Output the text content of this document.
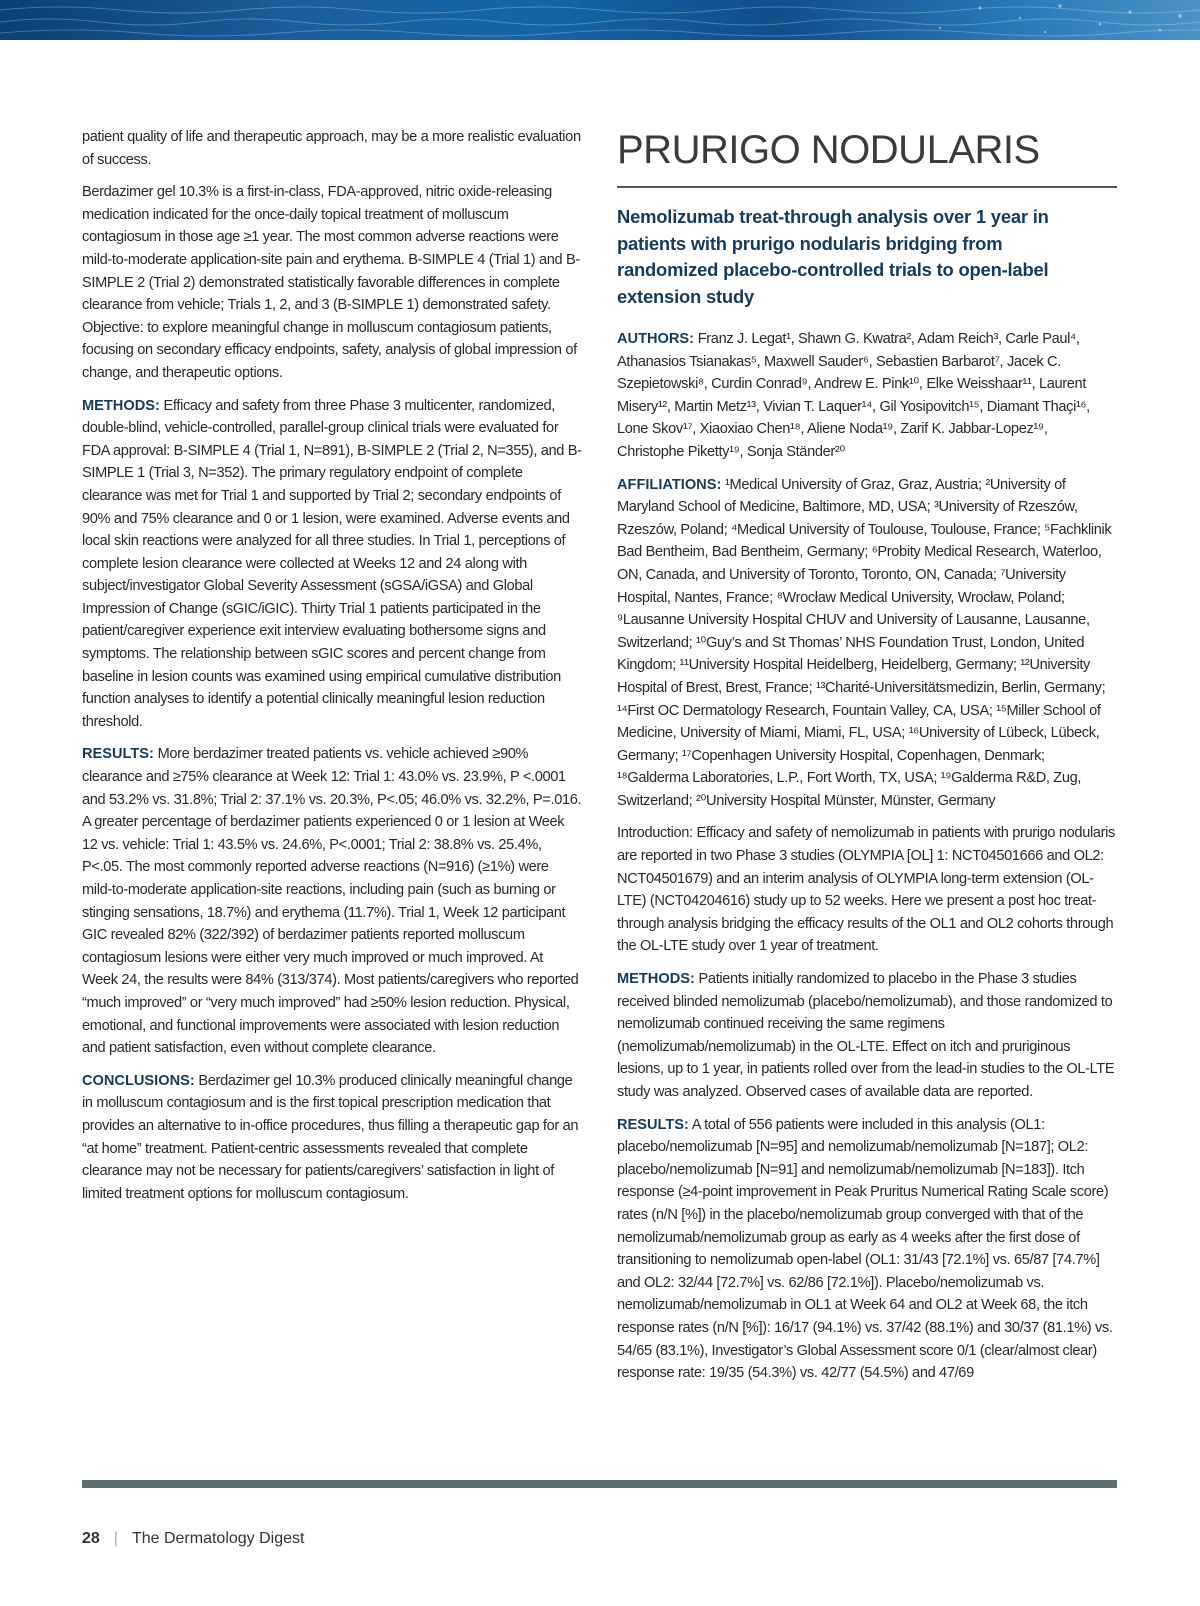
patient quality of life and therapeutic approach, may be a more realistic evaluation of success.

Berdazimer gel 10.3% is a first-in-class, FDA-approved, nitric oxide-releasing medication indicated for the once-daily topical treatment of molluscum contagiosum in those age ≥1 year. The most common adverse reactions were mild-to-moderate application-site pain and erythema. B-SIMPLE 4 (Trial 1) and B-SIMPLE 2 (Trial 2) demonstrated statistically favorable differences in complete clearance from vehicle; Trials 1, 2, and 3 (B-SIMPLE 1) demonstrated safety. Objective: to explore meaningful change in molluscum contagiosum patients, focusing on secondary efficacy endpoints, safety, analysis of global impression of change, and therapeutic options.

METHODS: Efficacy and safety from three Phase 3 multicenter, randomized, double-blind, vehicle-controlled, parallel-group clinical trials were evaluated for FDA approval: B-SIMPLE 4 (Trial 1, N=891), B-SIMPLE 2 (Trial 2, N=355), and B-SIMPLE 1 (Trial 3, N=352). The primary regulatory endpoint of complete clearance was met for Trial 1 and supported by Trial 2; secondary endpoints of 90% and 75% clearance and 0 or 1 lesion, were examined. Adverse events and local skin reactions were analyzed for all three studies. In Trial 1, perceptions of complete lesion clearance were collected at Weeks 12 and 24 along with subject/investigator Global Severity Assessment (sGSA/iGSA) and Global Impression of Change (sGIC/iGIC). Thirty Trial 1 patients participated in the patient/caregiver experience exit interview evaluating bothersome signs and symptoms. The relationship between sGIC scores and percent change from baseline in lesion counts was examined using empirical cumulative distribution function analyses to identify a potential clinically meaningful lesion reduction threshold.

RESULTS: More berdazimer treated patients vs. vehicle achieved ≥90% clearance and ≥75% clearance at Week 12: Trial 1: 43.0% vs. 23.9%, P <.0001 and 53.2% vs. 31.8%; Trial 2: 37.1% vs. 20.3%, P<.05; 46.0% vs. 32.2%, P=.016. A greater percentage of berdazimer patients experienced 0 or 1 lesion at Week 12 vs. vehicle: Trial 1: 43.5% vs. 24.6%, P<.0001; Trial 2: 38.8% vs. 25.4%, P<.05. The most commonly reported adverse reactions (N=916) (≥1%) were mild-to-moderate application-site reactions, including pain (such as burning or stinging sensations, 18.7%) and erythema (11.7%). Trial 1, Week 12 participant GIC revealed 82% (322/392) of berdazimer patients reported molluscum contagiosum lesions were either very much improved or much improved. At Week 24, the results were 84% (313/374). Most patients/caregivers who reported “much improved” or “very much improved” had ≥50% lesion reduction. Physical, emotional, and functional improvements were associated with lesion reduction and patient satisfaction, even without complete clearance.

CONCLUSIONS: Berdazimer gel 10.3% produced clinically meaningful change in molluscum contagiosum and is the first topical prescription medication that provides an alternative to in-office procedures, thus filling a therapeutic gap for an “at home” treatment. Patient-centric assessments revealed that complete clearance may not be necessary for patients/caregivers’ satisfaction in light of limited treatment options for molluscum contagiosum.

PRURIGO NODULARIS
Nemolizumab treat-through analysis over 1 year in patients with prurigo nodularis bridging from randomized placebo-controlled trials to open-label extension study

AUTHORS: Franz J. Legat¹, Shawn G. Kwatra², Adam Reich³, Carle Paul⁴, Athanasios Tsianakas⁵, Maxwell Sauder⁶, Sebastien Barbarot⁷, Jacek C. Szepietowski⁸, Curdin Conrad⁹, Andrew E. Pink¹⁰, Elke Weisshaar¹¹, Laurent Misery¹², Martin Metz¹³, Vivian T. Laquer¹⁴, Gil Yosipovitch¹⁵, Diamant Thaçi¹⁶, Lone Skov¹⁷, Xiaoxiao Chen¹⁸, Aliene Noda¹⁹, Zarif K. Jabbar-Lopez¹⁹, Christophe Piketty¹⁹, Sonja Ständer²⁰

AFFILIATIONS: ¹Medical University of Graz, Graz, Austria; ²University of Maryland School of Medicine, Baltimore, MD, USA; ³University of Rzeszów, Rzeszów, Poland; ⁴Medical University of Toulouse, Toulouse, France; ⁵Fachklinik Bad Bentheim, Bad Bentheim, Germany; ⁶Probity Medical Research, Waterloo, ON, Canada, and University of Toronto, Toronto, ON, Canada; ⁷University Hospital, Nantes, France; ⁸Wrocław Medical University, Wrocław, Poland; ⁹Lausanne University Hospital CHUV and University of Lausanne, Lausanne, Switzerland; ¹⁰Guy’s and St Thomas’ NHS Foundation Trust, London, United Kingdom; ¹¹University Hospital Heidelberg, Heidelberg, Germany; ¹²University Hospital of Brest, Brest, France; ¹³Charité-Universitätsmedizin, Berlin, Germany; ¹⁴First OC Dermatology Research, Fountain Valley, CA, USA; ¹⁵Miller School of Medicine, University of Miami, Miami, FL, USA; ¹⁶University of Lübeck, Lübeck, Germany; ¹⁷Copenhagen University Hospital, Copenhagen, Denmark; ¹⁸Galderma Laboratories, L.P., Fort Worth, TX, USA; ¹⁹Galderma R&D, Zug, Switzerland; ²⁰University Hospital Münster, Münster, Germany

Introduction: Efficacy and safety of nemolizumab in patients with prurigo nodularis are reported in two Phase 3 studies (OLYMPIA [OL] 1: NCT04501666 and OL2: NCT04501679) and an interim analysis of OLYMPIA long-term extension (OL-LTE) (NCT04204616) study up to 52 weeks. Here we present a post hoc treat-through analysis bridging the efficacy results of the OL1 and OL2 cohorts through the OL-LTE study over 1 year of treatment.

METHODS: Patients initially randomized to placebo in the Phase 3 studies received blinded nemolizumab (placebo/nemolizumab), and those randomized to nemolizumab continued receiving the same regimens (nemolizumab/nemolizumab) in the OL-LTE. Effect on itch and pruriginous lesions, up to 1 year, in patients rolled over from the lead-in studies to the OL-LTE study was analyzed. Observed cases of available data are reported.

RESULTS: A total of 556 patients were included in this analysis (OL1: placebo/nemolizumab [N=95] and nemolizumab/nemolizumab [N=187]; OL2: placebo/nemolizumab [N=91] and nemolizumab/nemolizumab [N=183]). Itch response (≥4-point improvement in Peak Pruritus Numerical Rating Scale score) rates (n/N [%]) in the placebo/nemolizumab group converged with that of the nemolizumab/nemolizumab group as early as 4 weeks after the first dose of transitioning to nemolizumab open-label (OL1: 31/43 [72.1%] vs. 65/87 [74.7%] and OL2: 32/44 [72.7%] vs. 62/86 [72.1%]). Placebo/nemolizumab vs. nemolizumab/nemolizumab in OL1 at Week 64 and OL2 at Week 68, the itch response rates (n/N [%]): 16/17 (94.1%) vs. 37/42 (88.1%) and 30/37 (81.1%) vs. 54/65 (83.1%), Investigator’s Global Assessment score 0/1 (clear/almost clear) response rate: 19/35 (54.3%) vs. 42/77 (54.5%) and 47/69

28 | The Dermatology Digest
